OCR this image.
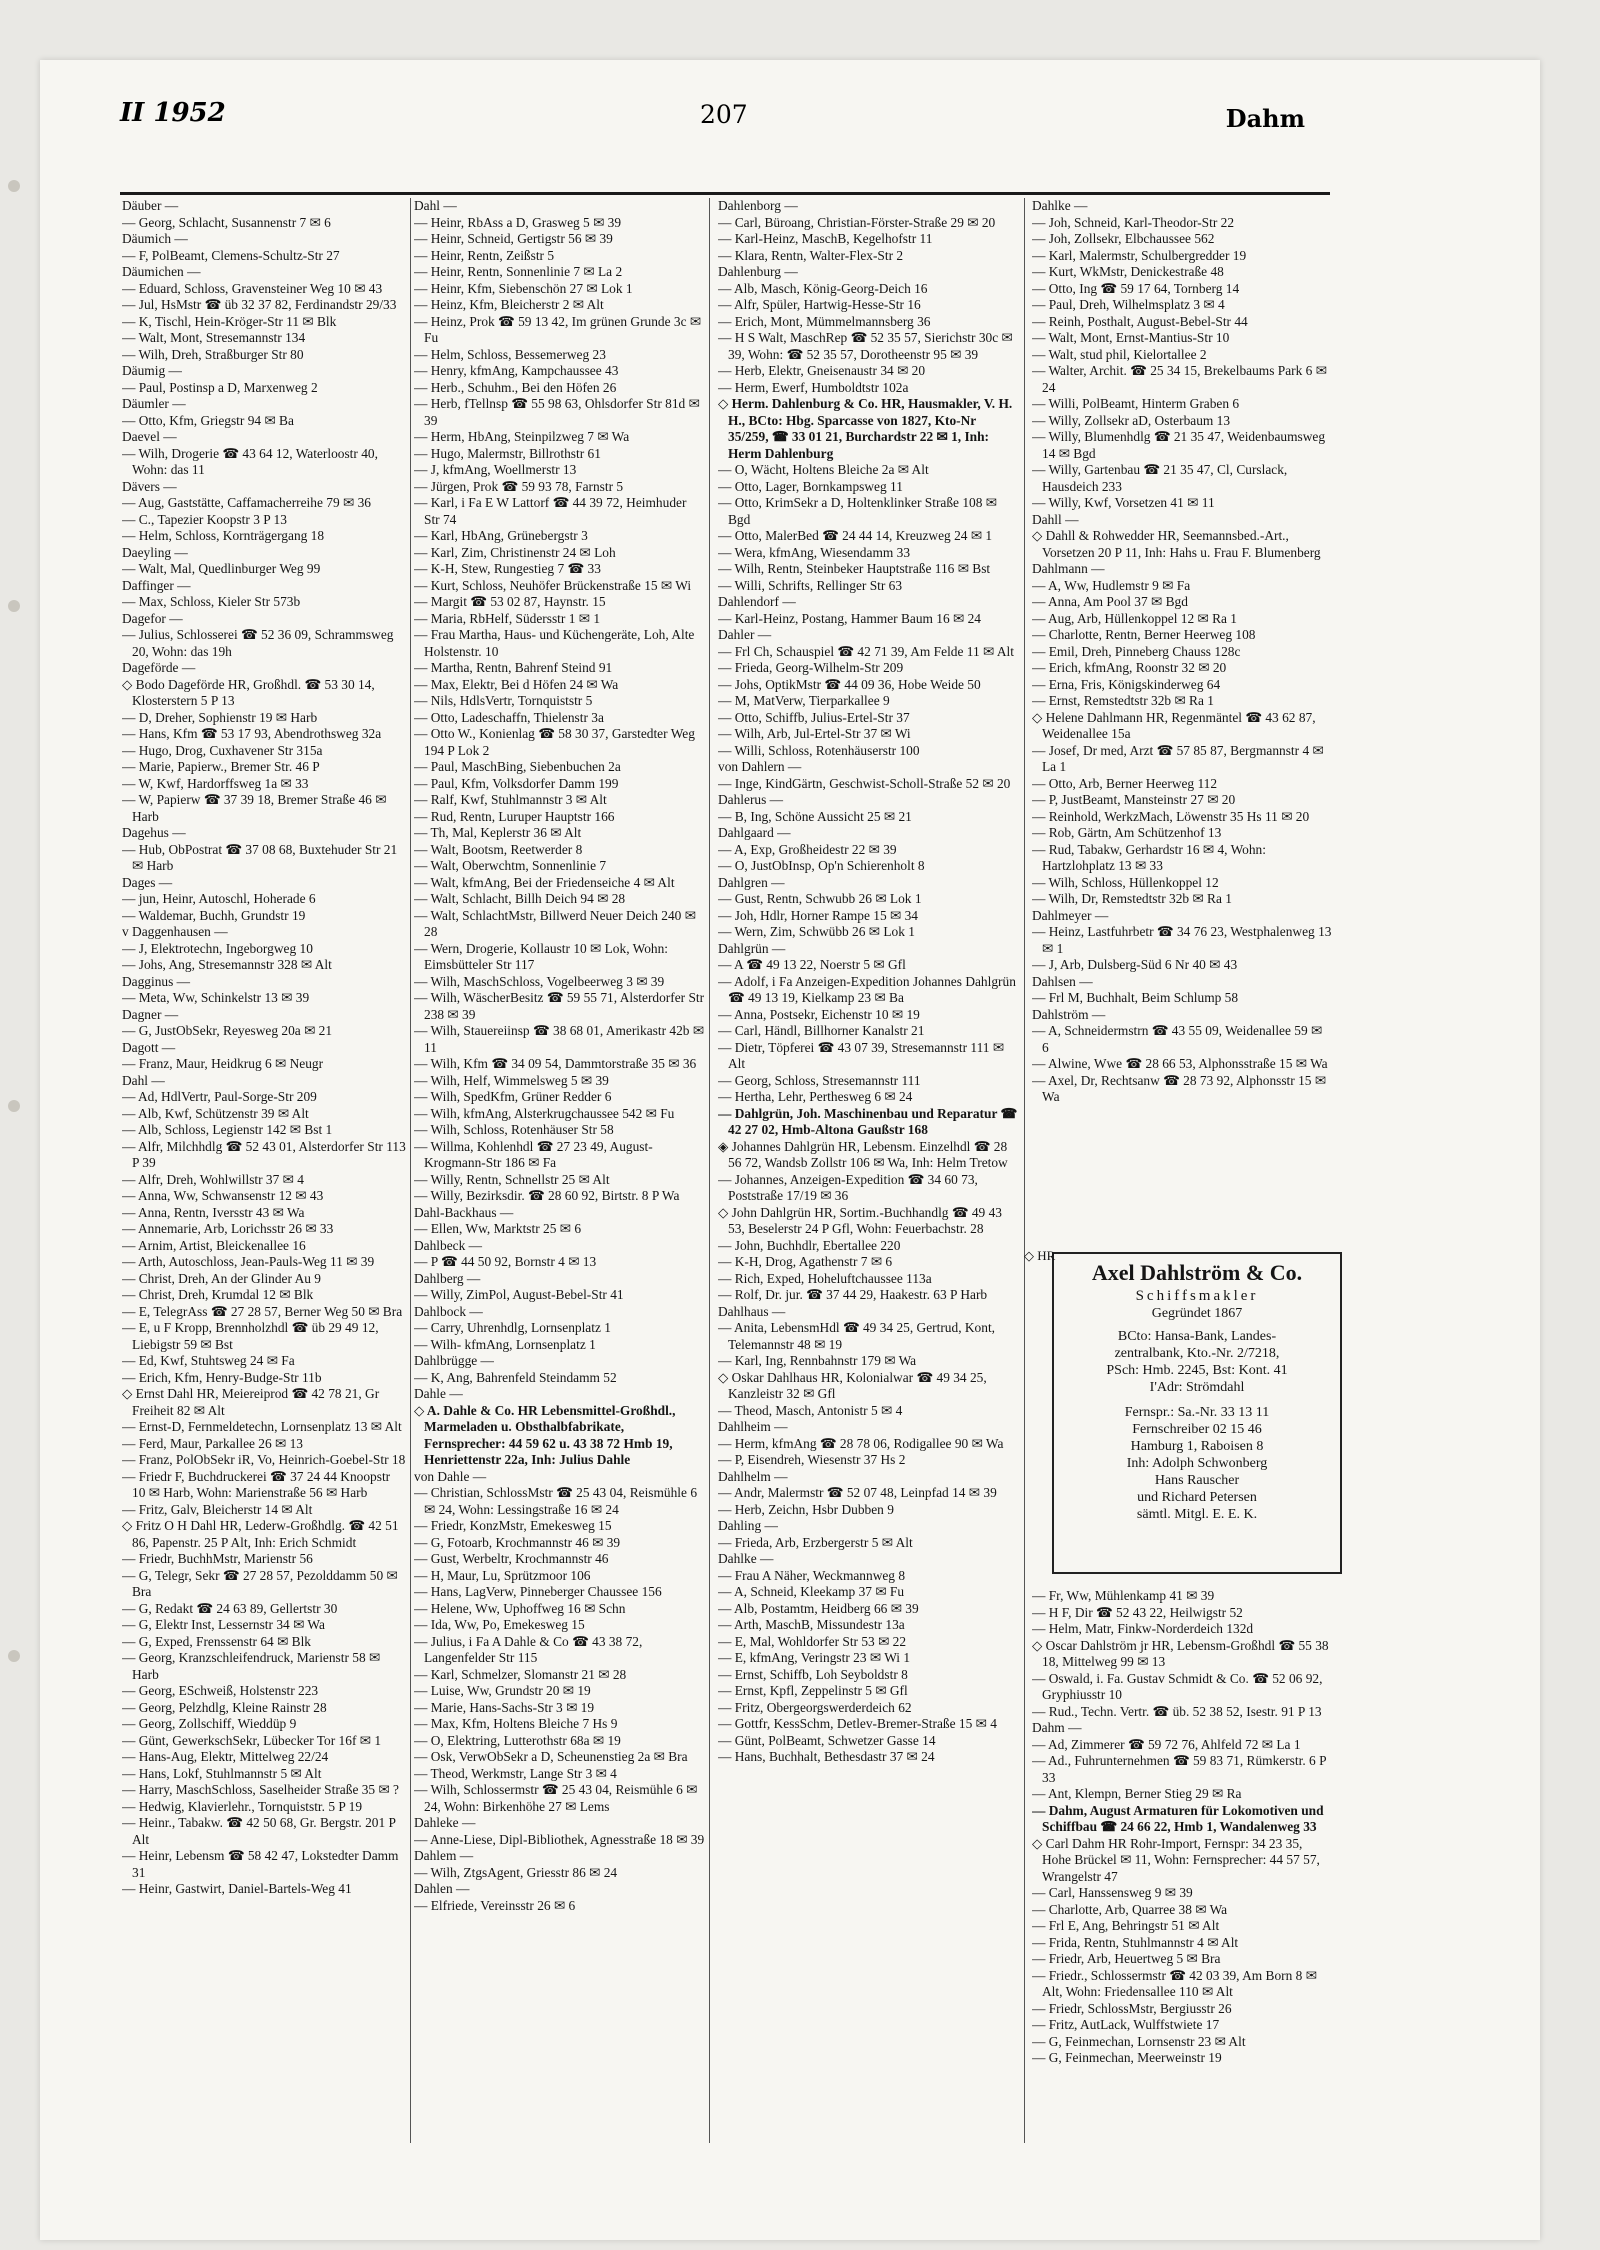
II 1952	207	Dahm
Däuber —
— Georg, Schlacht, Susannenstr 7 ✉ 6
Däumich —
— F, PolBeamt, Clemens-Schultz-Str 27
Däumichen —
— Eduard, Schloss, Gravensteiner Weg 10 ✉ 43
— Jul, HsMstr ☎ üb 32 37 82, Ferdinandstr 29/33
— K, Tischl, Hein-Kröger-Str 11 ✉ Blk
— Walt, Mont, Stresemannstr 134
— Wilh, Dreh, Straßburger Str 80
Däumig —
— Paul, Postinsp a D, Marxenweg 2
Däumler —
— Otto, Kfm, Griegstr 94 ✉ Ba
Daevel —
— Wilh, Drogerie ☎ 43 64 12, Waterloostr 40, Wohn: das 11
Dävers —
— Aug, Gaststätte, Caffamacherreihe 79 ✉ 36
— C., Tapezier Koopstr 3 P 13
— Helm, Schloss, Kornträgergang 18
Daeyling —
— Walt, Mal, Quedlinburger Weg 99
Daffinger —
— Max, Schloss, Kieler Str 573b
Dagefor —
— Julius, Schlosserei ☎ 52 36 09, Schrammsweg 20, Wohn: das 19h
Dageförde —
◇ Bodo Dageförde HR, Großhdl. ☎ 53 30 14, Klosterstern 5 P 13
— D, Dreher, Sophienstr 19 ✉ Harb
— Hans, Kfm ☎ 53 17 93, Abendrothsweg 32a
— Hugo, Drog, Cuxhavener Str 315a
— Marie, Papierw., Bremer Str. 46 P
— W, Kwf, Hardorffsweg 1a ✉ 33
— W, Papierw ☎ 37 39 18, Bremer Straße 46 ✉ Harb
Dagehus —
— Hub, ObPostrat ☎ 37 08 68, Buxtehuder Str 21 ✉ Harb
Dages —
— jun, Heinr, Autoschl, Hoherade 6
— Waldemar, Buchh, Grundstr 19
v Daggenhausen —
— J, Elektrotechn, Ingeborgweg 10
— Johs, Ang, Stresemannstr 328 ✉ Alt
Dagginus —
— Meta, Ww, Schinkelstr 13 ✉ 39
Dagner —
— G, JustObSekr, Reyesweg 20a ✉ 21
Dagott —
— Franz, Maur, Heidkrug 6 ✉ Neugr
Dahl —
— Ad, HdlVertr, Paul-Sorge-Str 209
— Alb, Kwf, Schützenstr 39 ✉ Alt
— Alb, Schloss, Legienstr 142 ✉ Bst 1
— Alfr, Milchhdlg ☎ 52 43 01, Alsterdorfer Str 113 P 39
— Alfr, Dreh, Wohlwillstr 37 ✉ 4
— Anna, Ww, Schwansenstr 12 ✉ 43
— Anna, Rentn, Iversstr 43 ✉ Wa
— Annemarie, Arb, Lorichsstr 26 ✉ 33
— Arnim, Artist, Bleickenallee 16
— Arth, Autoschloss, Jean-Pauls-Weg 11 ✉ 39
— Christ, Dreh, An der Glinder Au 9
— Christ, Dreh, Krumdal 12 ✉ Blk
— E, TelegrAss ☎ 27 28 57, Berner Weg 50 ✉ Bra
— E, u F Kropp, Brennholzhdl ☎ üb 29 49 12, Liebigstr 59 ✉ Bst
— Ed, Kwf, Stuhtsweg 24 ✉ Fa
— Erich, Kfm, Henry-Budge-Str 11b
◇ Ernst Dahl HR, Meiereiprod ☎ 42 78 21, Gr Freiheit 82 ✉ Alt
— Ernst-D, Fernmeldetechn, Lornsenplatz 13 ✉ Alt
— Ferd, Maur, Parkallee 26 ✉ 13
— Franz, PolObSekr iR, Vo, Heinrich-Goebel-Str 18
— Friedr F, Buchdruckerei ☎ 37 24 44 Knoopstr 10 ✉ Harb, Wohn: Marienstraße 56 ✉ Harb
— Fritz, Galv, Bleicherstr 14 ✉ Alt
◇ Fritz O H Dahl HR, Lederw-Großhdlg. ☎ 42 51 86, Papenstr. 25 P Alt, Inh: Erich Schmidt
— Friedr, BuchhMstr, Marienstr 56
— G, Telegr, Sekr ☎ 27 28 57, Pezolddamm 50 ✉ Bra
— G, Redakt ☎ 24 63 89, Gellertstr 30
— G, Elektr Inst, Lessernstr 34 ✉ Wa
— G, Exped, Frenssenstr 64 ✉ Blk
— Georg, Kranzschleifendruck, Marienstr 58 ✉ Harb
— Georg, ESchweiß, Holstenstr 223
— Georg, Pelzhdlg, Kleine Rainstr 28
— Georg, Zollschiff, Wieddüp 9
— Günt, GewerkschSekr, Lübecker Tor 16f ✉ 1
— Hans-Aug, Elektr, Mittelweg 22/24
— Hans, Lokf, Stuhlmannstr 5 ✉ Alt
— Harry, MaschSchloss, Saselheider Straße 35 ✉ ?
— Hedwig, Klavierlehr., Tornquiststr. 5 P 19
— Heinr., Tabakw. ☎ 42 50 68, Gr. Bergstr. 201 P Alt
— Heinr, Lebensm ☎ 58 42 47, Lokstedter Damm 31
— Heinr, Gastwirt, Daniel-Bartels-Weg 41
Dahl —
— Heinr, RbAss a D, Grasweg 5 ✉ 39
— Heinr, Schneid, Gertigstr 56 ✉ 39
— Heinr, Rentn, Zeißstr 5
— Heinr, Rentn, Sonnenlinie 7 ✉ La 2
— Heinr, Kfm, Siebenschön 27 ✉ Lok 1
— Heinz, Kfm, Bleicherstr 2 ✉ Alt
— Heinz, Prok ☎ 59 13 42, Im grünen Grunde 3c ✉ Fu
— Helm, Schloss, Bessemerweg 23
— Henry, kfmAng, Kampchaussee 43
— Herb., Schuhm., Bei den Höfen 26
— Herb, fTellnsp ☎ 55 98 63, Ohlsdorfer Str 81d ✉ 39
— Herm, HbAng, Steinpilzweg 7 ✉ Wa
— Hugo, Malermstr, Billrothstr 61
— J, kfmAng, Woellmerstr 13
— Jürgen, Prok ☎ 59 93 78, Farnstr 5
— Karl, i Fa E W Lattorf ☎ 44 39 72, Heimhuder Str 74
— Karl, HbAng, Grünebergstr 3
— Karl, Zim, Christinenstr 24 ✉ Loh
— K-H, Stew, Rungestieg 7 ☎ 33
— Kurt, Schloss, Neuhöfer Brückenstraße 15 ✉ Wi
— Margit ☎ 53 02 87, Haynstr. 15
— Maria, RbHelf, Südersstr 1 ✉ 1
— Frau Martha, Haus- und Küchengeräte, Loh, Alte Holstenstr. 10
— Martha, Rentn, Bahrenf Steind 91
— Max, Elektr, Bei d Höfen 24 ✉ Wa
— Nils, HdlsVertr, Tornquiststr 5
— Otto, Ladeschaffn, Thielenstr 3a
— Otto W., Konienlag ☎ 58 30 37, Garstedter Weg 194 P Lok 2
— Paul, MaschBing, Siebenbuchen 2a
— Paul, Kfm, Volksdorfer Damm 199
— Ralf, Kwf, Stuhlmannstr 3 ✉ Alt
— Rud, Rentn, Luruper Hauptstr 166
— Th, Mal, Keplerstr 36 ✉ Alt
— Walt, Bootsm, Reetwerder 8
— Walt, Oberwchtm, Sonnenlinie 7
— Walt, kfmAng, Bei der Friedenseiche 4 ✉ Alt
— Walt, Schlacht, Billh Deich 94 ✉ 28
— Walt, SchlachtMstr, Billwerd Neuer Deich 240 ✉ 28
— Wern, Drogerie, Kollaustr 10 ✉ Lok, Wohn: Eimsbütteler Str 117
— Wilh, MaschSchloss, Vogelbeerweg 3 ✉ 39
— Wilh, WäscherBesitz ☎ 59 55 71, Alsterdorfer Str 238 ✉ 39
— Wilh, Stauereiinsp ☎ 38 68 01, Amerikastr 42b ✉ 11
— Wilh, Kfm ☎ 34 09 54, Dammtorstraße 35 ✉ 36
— Wilh, Helf, Wimmelsweg 5 ✉ 39
— Wilh, SpedKfm, Grüner Redder 6
— Wilh, kfmAng, Alsterkrugchaussee 542 ✉ Fu
— Wilh, Schloss, Rotenhäuser Str 58
— Willma, Kohlenhdl ☎ 27 23 49, August-Krogmann-Str 186 ✉ Fa
— Willy, Rentn, Schnellstr 25 ✉ Alt
— Willy, Bezirksdir. ☎ 28 60 92, Birtstr. 8 P Wa
Dahl-Backhaus —
— Ellen, Ww, Marktstr 25 ✉ 6
Dahlbeck —
— P ☎ 44 50 92, Bornstr 4 ✉ 13
Dahlberg —
— Willy, ZimPol, August-Bebel-Str 41
Dahlbock —
— Carry, Uhrenhdlg, Lornsenplatz 1
— Wilh- kfmAng, Lornsenplatz 1
Dahlbrügge —
— K, Ang, Bahrenfeld Steindamm 52
Dahle —
◇ A. Dahle & Co. HR Lebensmittel-Großhdl., Marmeladen u. Obsthalbfabrikate, Fernsprecher: 44 59 62 u. 43 38 72 Hmb 19, Henriettenstr 22a, Inh: Julius Dahle
von Dahle —
— Christian, SchlossMstr ☎ 25 43 04, Reismühle 6 ✉ 24, Wohn: Lessingstraße 16 ✉ 24
— Friedr, KonzMstr, Emekesweg 15
— G, Fotoarb, Krochmannstr 46 ✉ 39
— Gust, Werbeltr, Krochmannstr 46
— H, Maur, Lu, Sprützmoor 106
— Hans, LagVerw, Pinneberger Chaussee 156
— Helene, Ww, Uphoffweg 16 ✉ Schn
— Ida, Ww, Po, Emekesweg 15
— Julius, i Fa A Dahle & Co ☎ 43 38 72, Langenfelder Str 115
— Karl, Schmelzer, Slomanstr 21 ✉ 28
— Luise, Ww, Grundstr 20 ✉ 19
— Marie, Hans-Sachs-Str 3 ✉ 19
— Max, Kfm, Holtens Bleiche 7 Hs 9
— O, Elektring, Lutterothstr 68a ✉ 19
— Osk, VerwObSekr a D, Scheunenstieg 2a ✉ Bra
— Theod, Werkmstr, Lange Str 3 ✉ 4
— Wilh, Schlossermstr ☎ 25 43 04, Reismühle 6 ✉ 24, Wohn: Birkenhöhe 27 ✉ Lems
Dahleke —
— Anne-Liese, Dipl-Bibliothek, Agnesstraße 18 ✉ 39
Dahlem —
— Wilh, ZtgsAgent, Griesstr 86 ✉ 24
Dahlen —
— Elfriede, Vereinsstr 26 ✉ 6
Dahlenborg —
— Carl, Büroang, Christian-Förster-Straße 29 ✉ 20
— Karl-Heinz, MaschB, Kegelhofstr 11
— Klara, Rentn, Walter-Flex-Str 2
Dahlenburg —
— Alb, Masch, König-Georg-Deich 16
— Alfr, Spüler, Hartwig-Hesse-Str 16
— Erich, Mont, Mümmelmannsberg 36
— H S Walt, MaschRep ☎ 52 35 57, Sierichstr 30c ✉ 39, Wohn: ☎ 52 35 57, Dorotheenstr 95 ✉ 39
— Herb, Elektr, Gneisenaustr 34 ✉ 20
— Herm, Ewerf, Humboldtstr 102a
◇ Herm. Dahlenburg & Co. HR, Hausmakler, V. H. H., BCto: Hbg. Sparcasse von 1827, Kto-Nr 35/259, ☎ 33 01 21, Burchardstr 22 ✉ 1, Inh: Herm Dahlenburg
— O, Wächt, Holtens Bleiche 2a ✉ Alt
— Otto, Lager, Bornkampsweg 11
— Otto, KrimSekr a D, Holtenklinker Straße 108 ✉ Bgd
— Otto, MalerBed ☎ 24 44 14, Kreuzweg 24 ✉ 1
— Wera, kfmAng, Wiesendamm 33
— Wilh, Rentn, Steinbeker Hauptstraße 116 ✉ Bst
— Willi, Schrifts, Rellinger Str 63
Dahlendorf —
— Karl-Heinz, Postang, Hammer Baum 16 ✉ 24
Dahler —
— Frl Ch, Schauspiel ☎ 42 71 39, Am Felde 11 ✉ Alt
— Frieda, Georg-Wilhelm-Str 209
— Johs, OptikMstr ☎ 44 09 36, Hobe Weide 50
— M, MatVerw, Tierparkallee 9
— Otto, Schiffb, Julius-Ertel-Str 37
— Wilh, Arb, Jul-Ertel-Str 37 ✉ Wi
— Willi, Schloss, Rotenhäuserstr 100
von Dahlern —
— Inge, KindGärtn, Geschwist-Scholl-Straße 52 ✉ 20
Dahlerus —
— B, Ing, Schöne Aussicht 25 ✉ 21
Dahlgaard —
— A, Exp, Großheidestr 22 ✉ 39
— O, JustObInsp, Op'n Schierenholt 8
Dahlgren —
— Gust, Rentn, Schwubb 26 ✉ Lok 1
— Joh, Hdlr, Horner Rampe 15 ✉ 34
— Wern, Zim, Schwübb 26 ✉ Lok 1
Dahlgrün —
— A ☎ 49 13 22, Noerstr 5 ✉ Gfl
— Adolf, i Fa Anzeigen-Expedition Johannes Dahlgrün ☎ 49 13 19, Kielkamp 23 ✉ Ba
— Anna, Postsekr, Eichenstr 10 ✉ 19
— Carl, Händl, Billhorner Kanalstr 21
— Dietr, Töpferei ☎ 43 07 39, Stresemannstr 111 ✉ Alt
— Georg, Schloss, Stresemannstr 111
— Hertha, Lehr, Perthesweg 6 ✉ 24
— Dahlgrün, Joh. Maschinenbau und Reparatur ☎ 42 27 02, Hmb-Altona Gaußstr 168
◈ Johannes Dahlgrün HR, Lebensm. Einzelhdl ☎ 28 56 72, Wandsb Zollstr 106 ✉ Wa, Inh: Helm Tretow
— Johannes, Anzeigen-Expedition ☎ 34 60 73, Poststraße 17/19 ✉ 36
◇ John Dahlgrün HR, Sortim.-Buchhandlg ☎ 49 43 53, Beselerstr 24 P Gfl, Wohn: Feuerbachstr. 28
— John, Buchhdlr, Ebertallee 220
— K-H, Drog, Agathenstr 7 ✉ 6
— Rich, Exped, Hoheluftchaussee 113a
— Rolf, Dr. jur. ☎ 37 44 29, Haakestr. 63 P Harb
Dahlhaus —
— Anita, LebensmHdl ☎ 49 34 25, Gertrud, Kont, Telemannstr 48 ✉ 19
— Karl, Ing, Rennbahnstr 179 ✉ Wa
◇ Oskar Dahlhaus HR, Kolonialwar ☎ 49 34 25, Kanzleistr 32 ✉ Gfl
— Theod, Masch, Antonistr 5 ✉ 4
Dahlheim —
— Herm, kfmAng ☎ 28 78 06, Rodigallee 90 ✉ Wa
— P, Eisendreh, Wiesenstr 37 Hs 2
Dahlhelm —
— Andr, Malermstr ☎ 52 07 48, Leinpfad 14 ✉ 39
— Herb, Zeichn, Hsbr Dubben 9
Dahling —
— Frieda, Arb, Erzbergerstr 5 ✉ Alt
Dahlke —
— Frau A Näher, Weckmannweg 8
— A, Schneid, Kleekamp 37 ✉ Fu
— Alb, Postamtm, Heidberg 66 ✉ 39
— Arth, MaschB, Missundestr 13a
— E, Mal, Wohldorfer Str 53 ✉ 22
— E, kfmAng, Veringstr 23 ✉ Wi 1
— Ernst, Schiffb, Loh Seyboldstr 8
— Ernst, Kpfl, Zeppelinstr 5 ✉ Gfl
— Fritz, Obergeorgswerderdeich 62
— Gottfr, KessSchm, Detlev-Bremer-Straße 15 ✉ 4
— Günt, PolBeamt, Schwetzer Gasse 14
— Hans, Buchhalt, Bethesdastr 37 ✉ 24
Dahlke —
— Joh, Schneid, Karl-Theodor-Str 22
— Joh, Zollsekr, Elbchaussee 562
— Karl, Malermstr, Schulbergredder 19
— Kurt, WkMstr, Denickestraße 48
— Otto, Ing ☎ 59 17 64, Tornberg 14
— Paul, Dreh, Wilhelmsplatz 3 ✉ 4
— Reinh, Posthalt, August-Bebel-Str 44
— Walt, Mont, Ernst-Mantius-Str 10
— Walt, stud phil, Kielortallee 2
— Walter, Archit. ☎ 25 34 15, Brekelbaums Park 6 ✉ 24
— Willi, PolBeamt, Hinterm Graben 6
— Willy, Zollsekr aD, Osterbaum 13
— Willy, Blumenhdlg ☎ 21 35 47, Weidenbaumsweg 14 ✉ Bgd
— Willy, Gartenbau ☎ 21 35 47, Cl, Curslack, Hausdeich 233
— Willy, Kwf, Vorsetzen 41 ✉ 11
Dahll —
◇ Dahll & Rohwedder HR, Seemannsbed.-Art., Vorsetzen 20 P 11, Inh: Hahs u. Frau F. Blumenberg
Dahlmann —
— A, Ww, Hudlemstr 9 ✉ Fa
— Anna, Am Pool 37 ✉ Bgd
— Aug, Arb, Hüllenkoppel 12 ✉ Ra 1
— Charlotte, Rentn, Berner Heerweg 108
— Emil, Dreh, Pinneberg Chauss 128c
— Erich, kfmAng, Roonstr 32 ✉ 20
— Erna, Fris, Königskinderweg 64
— Ernst, Remstedtstr 32b ✉ Ra 1
◇ Helene Dahlmann HR, Regenmäntel ☎ 43 62 87, Weidenallee 15a
— Josef, Dr med, Arzt ☎ 57 85 87, Bergmannstr 4 ✉ La 1
— Otto, Arb, Berner Heerweg 112
— P, JustBeamt, Mansteinstr 27 ✉ 20
— Reinhold, WerkzMach, Löwenstr 35 Hs 11 ✉ 20
— Rob, Gärtn, Am Schützenhof 13
— Rud, Tabakw, Gerhardstr 16 ✉ 4, Wohn: Hartzlohplatz 13 ✉ 33
— Wilh, Schloss, Hüllenkoppel 12
— Wilh, Dr, Remstedtstr 32b ✉ Ra 1
Dahlmeyer —
— Heinz, Lastfuhrbetr ☎ 34 76 23, Westphalenweg 13 ✉ 1
— J, Arb, Dulsberg-Süd 6 Nr 40 ✉ 43
Dahlsen —
— Frl M, Buchhalt, Beim Schlump 58
Dahlström —
— A, Schneidermstrn ☎ 43 55 09, Weidenallee 59 ✉ 6
— Alwine, Wwe ☎ 28 66 53, Alphonsstraße 15 ✉ Wa
— Axel, Dr, Rechtsanw ☎ 28 73 92, Alphonsstr 15 ✉ Wa
— Fr, Ww, Mühlenkamp 41 ✉ 39
— H F, Dir ☎ 52 43 22, Heilwigstr 52
— Helm, Matr, Finkw-Norderdeich 132d
◇ Oscar Dahlström jr HR, Lebensm-Großhdl ☎ 55 38 18, Mittelweg 99 ✉ 13
— Oswald, i. Fa. Gustav Schmidt & Co. ☎ 52 06 92, Gryphiusstr 10
— Rud., Techn. Vertr. ☎ üb. 52 38 52, Isestr. 91 P 13
Dahm —
— Ad, Zimmerer ☎ 59 72 76, Ahlfeld 72 ✉ La 1
— Ad., Fuhrunternehmen ☎ 59 83 71, Rümkerstr. 6 P 33
— Ant, Klempn, Berner Stieg 29 ✉ Ra
— Dahm, August Armaturen für Lokomotiven und Schiffbau ☎ 24 66 22, Hmb 1, Wandalenweg 33
◇ Carl Dahm HR Rohr-Import, Fernspr: 34 23 35, Hohe Brückel ✉ 11, Wohn: Fernsprecher: 44 57 57, Wrangelstr 47
— Carl, Hanssensweg 9 ✉ 39
— Charlotte, Arb, Quarree 38 ✉ Wa
— Frl E, Ang, Behringstr 51 ✉ Alt
— Frida, Rentn, Stuhlmannstr 4 ✉ Alt
— Friedr, Arb, Heuertweg 5 ✉ Bra
— Friedr., Schlossermstr ☎ 42 03 39, Am Born 8 ✉ Alt, Wohn: Friedensallee 110 ✉ Alt
— Friedr, SchlossMstr, Bergiusstr 26
— Fritz, AutLack, Wulffstwiete 17
— G, Feinmechan, Lornsenstr 23 ✉ Alt
— G, Feinmechan, Meerweinstr 19
◇ HR
Axel Dahlström & Co.
Schiffsmakler
Gegründet 1867
BCto: Hansa-Bank, Landes-
zentralbank, Kto.-Nr. 2/7218,
PSch: Hmb. 2245, Bst: Kont. 41
I'Adr: Strömdahl
Fernspr.: Sa.-Nr. 33 13 11
Fernschreiber 02 15 46
Hamburg 1, Raboisen 8
Inh: Adolph Schwonberg
Hans Rauscher
und Richard Petersen
sämtl. Mitgl. E. E. K.
